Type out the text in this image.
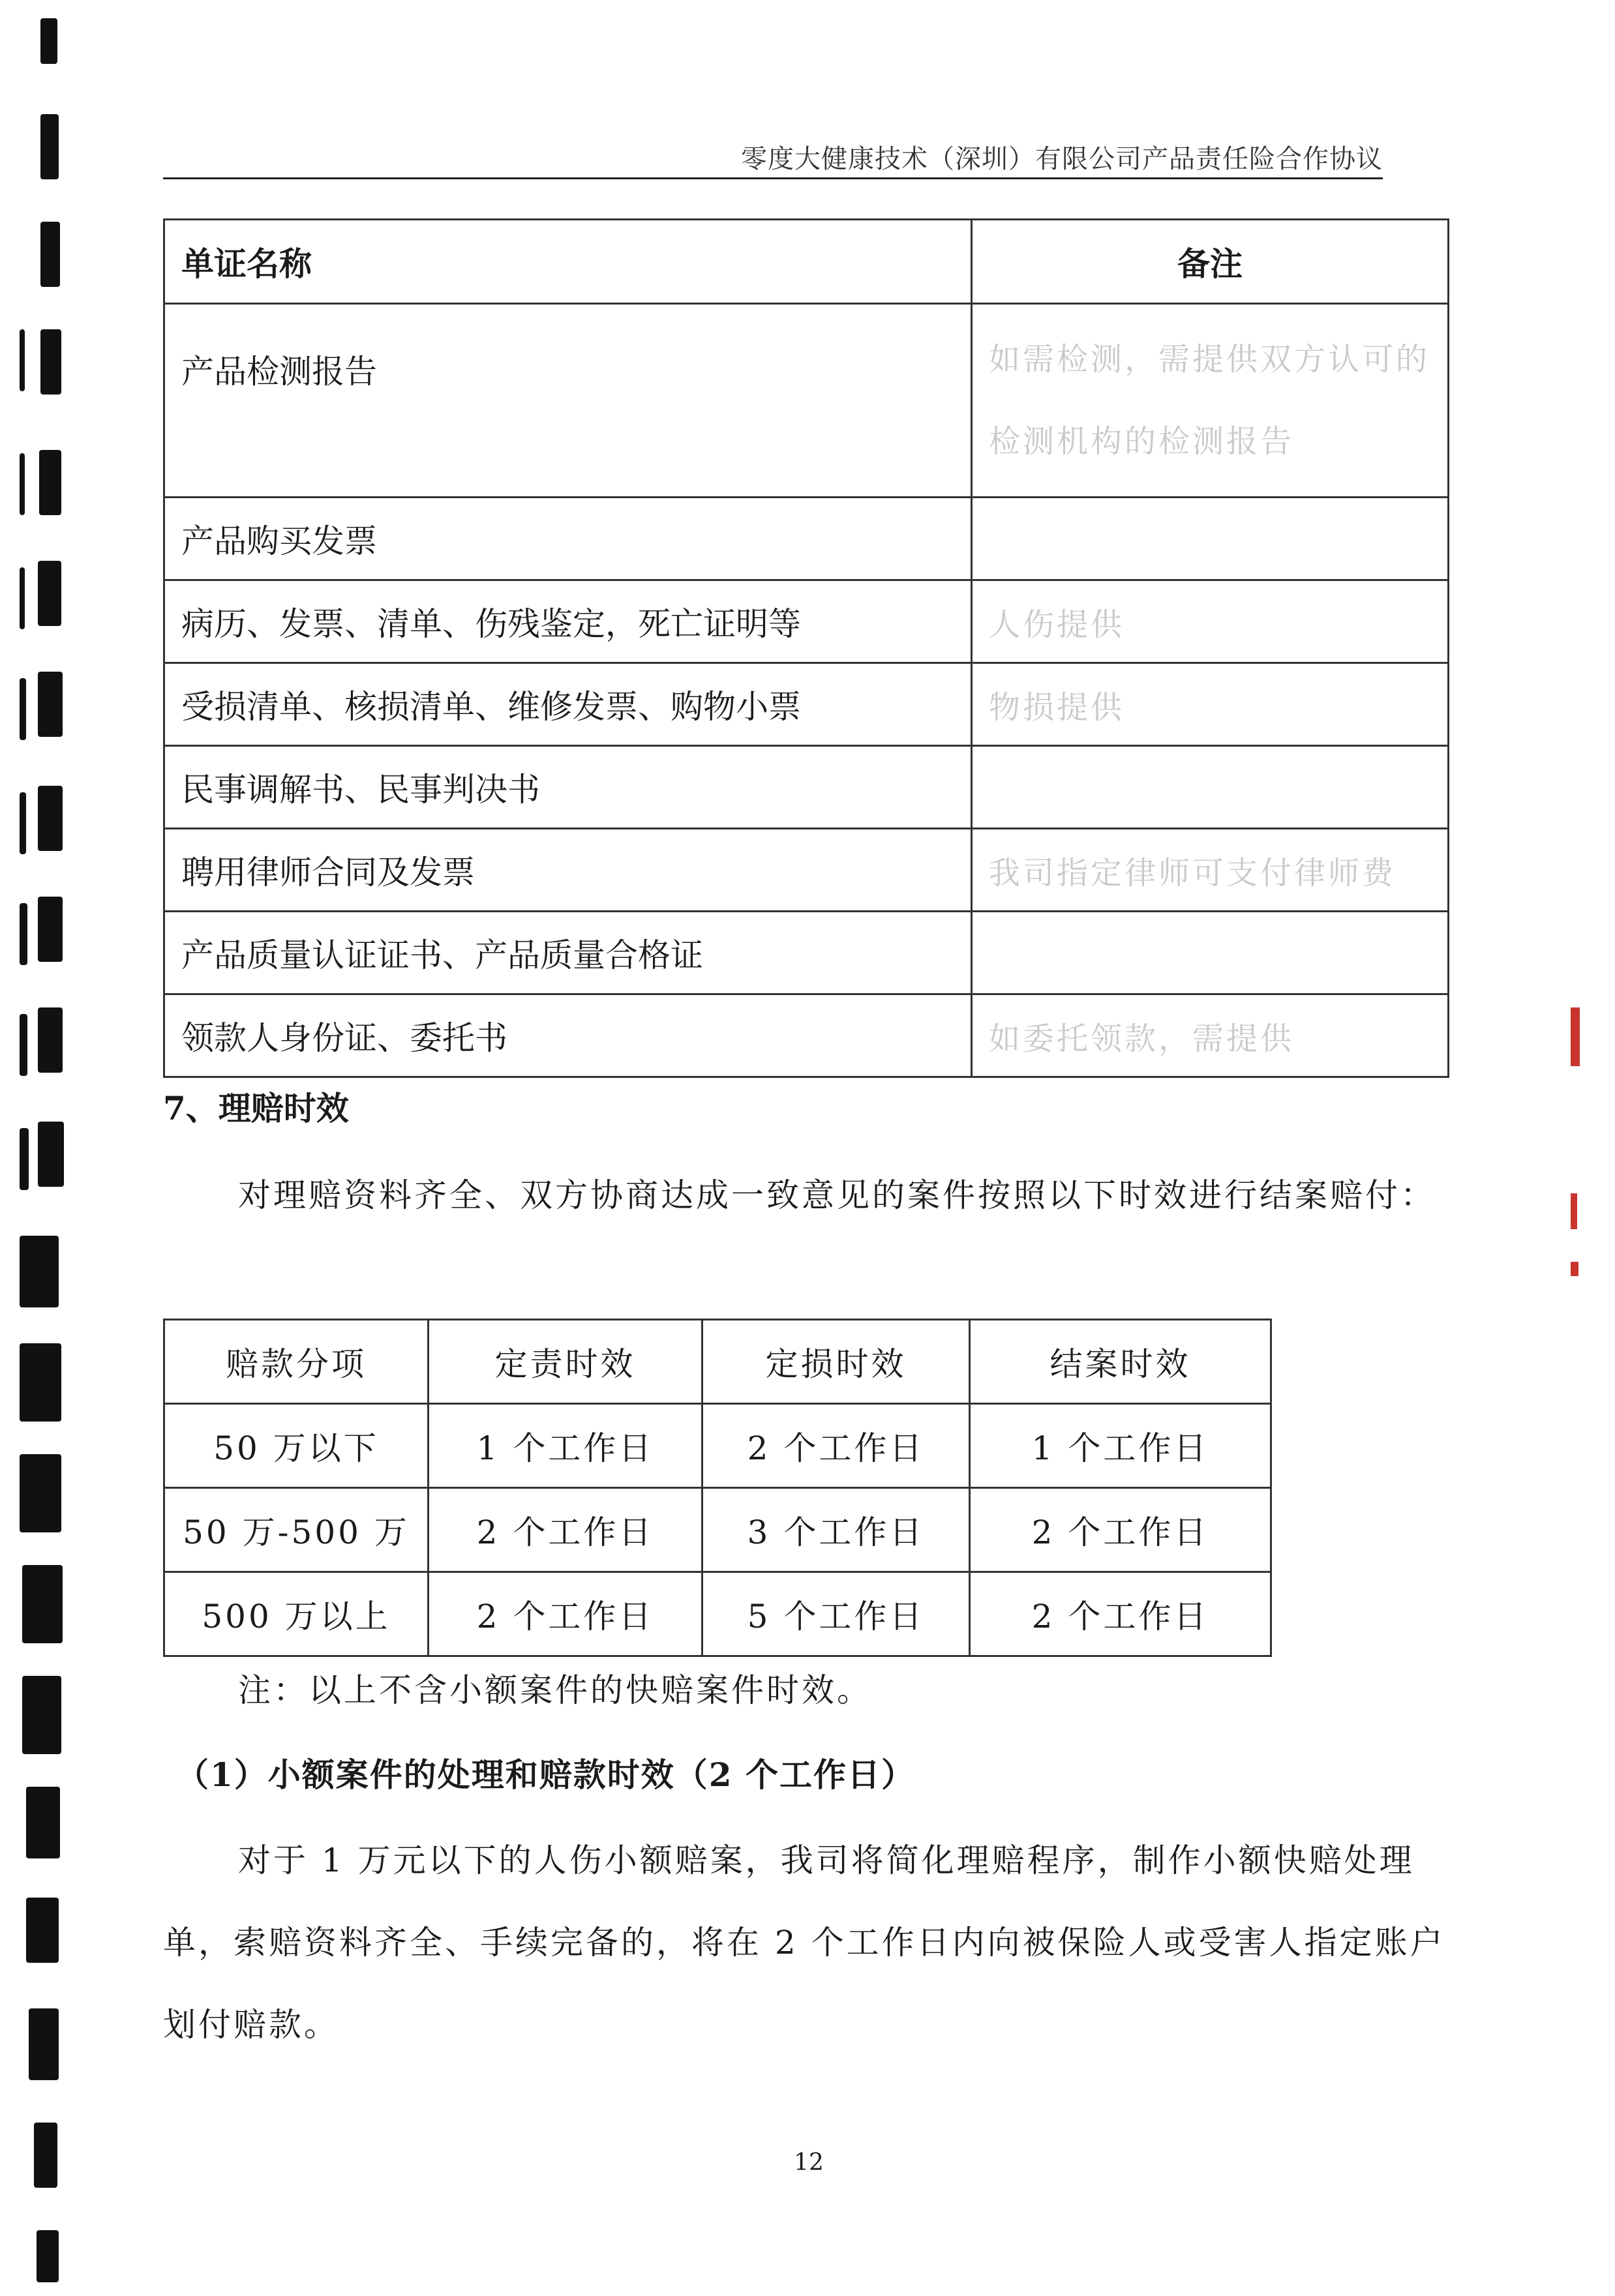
零度大健康技术（深圳）有限公司产品责任险合作协议
单证名称	备注
产品检测报告	如需检测，需提供双方认可的检测机构的检测报告
产品购买发票	
病历、发票、清单、伤残鉴定，死亡证明等	人伤提供
受损清单、核损清单、维修发票、购物小票	物损提供
民事调解书、民事判决书	
聘用律师合同及发票	我司指定律师可支付律师费
产品质量认证证书、产品质量合格证	
领款人身份证、委托书	如委托领款，需提供
7、理赔时效
对理赔资料齐全、双方协商达成一致意见的案件按照以下时效进行结案赔付：
赔款分项	定责时效	定损时效	结案时效
50 万以下	1 个工作日	2 个工作日	1 个工作日
50 万-500 万	2 个工作日	3 个工作日	2 个工作日
500 万以上	2 个工作日	5 个工作日	2 个工作日
注：以上不含小额案件的快赔案件时效。
（1）小额案件的处理和赔款时效（2 个工作日）
对于 1 万元以下的人伤小额赔案，我司将简化理赔程序，制作小额快赔处理单，索赔资料齐全、手续完备的，将在 2 个工作日内向被保险人或受害人指定账户划付赔款。
12
